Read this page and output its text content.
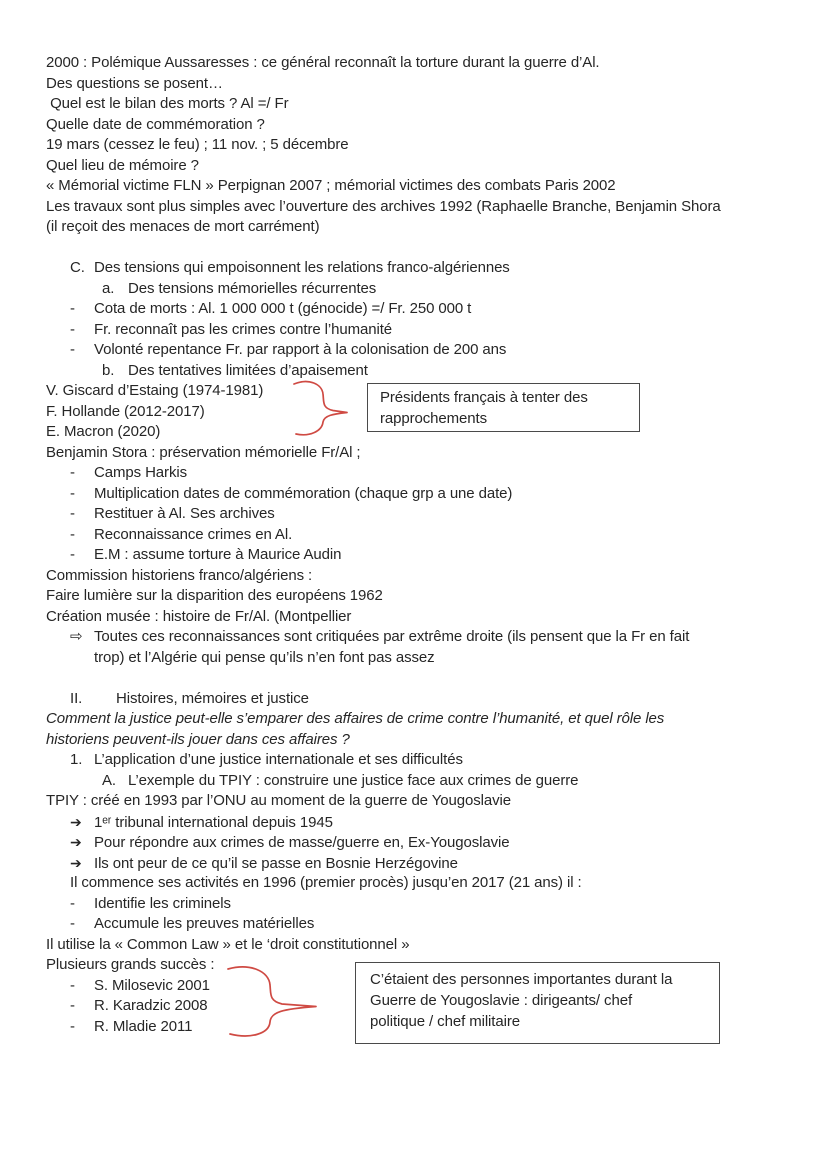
2000 : Polémique Aussaresses : ce général reconnaît la torture durant la guerre d’Al.
Des questions se posent…
Quel est le bilan des morts ? Al =/ Fr
Quelle date de commémoration ?
19 mars (cessez le feu) ; 11 nov. ; 5 décembre
Quel lieu de mémoire ?
« Mémorial victime FLN » Perpignan 2007 ; mémorial victimes des combats Paris 2002
Les travaux sont plus simples avec l’ouverture des archives 1992 (Raphaelle Branche, Benjamin Shora
(il reçoit des menaces de mort carrément)
C. Des tensions qui empoisonnent les relations franco-algériennes
a. Des tensions mémorielles récurrentes
- Cota de morts : Al. 1 000 000 t (génocide) =/ Fr. 250 000 t
- Fr. reconnaît pas les crimes contre l’humanité
- Volonté repentance Fr. par rapport à la colonisation de 200 ans
b. Des tentatives limitées d’apaisement
V. Giscard d’Estaing (1974-1981)
F. Hollande (2012-2017)
E. Macron (2020)
Benjamin Stora : préservation mémorielle Fr/Al ;
- Camps Harkis
- Multiplication dates de commémoration (chaque grp a une date)
- Restituer à Al. Ses archives
- Reconnaissance crimes en Al.
- E.M : assume torture à Maurice Audin
Commission historiens franco/algériens :
Faire lumière sur la disparition des européens 1962
Création musée : histoire de Fr/Al. (Montpellier
⇨ Toutes ces reconnaissances sont critiquées par extrême droite (ils pensent que la Fr en fait
trop) et l’Algérie qui pense qu’ils n’en font pas assez
II. Histoires, mémoires et justice
Comment la justice peut-elle s’emparer des affaires de crime contre l’humanité, et quel rôle les
historiens peuvent-ils jouer dans ces affaires ?
1. L’application d’une justice internationale et ses difficultés
A. L’exemple du TPIY : construire une justice face aux crimes de guerre
TPIY : créé en 1993 par l’ONU au moment de la guerre de Yougoslavie
➔ 1ᵉʳ tribunal international depuis 1945
➔ Pour répondre aux crimes de masse/guerre en, Ex-Yougoslavie
➔ Ils ont peur de ce qu’il se passe en Bosnie Herzégovine
Il commence ses activités en 1996 (premier procès) jusqu’en 2017 (21 ans) il :
- Identifie les criminels
- Accumule les preuves matérielles
Il utilise la « Common Law » et le ‘droit constitutionnel »
Plusieurs grands succès :
- S. Milosevic 2001
- R. Karadzic 2008
- R. Mladie 2011
Présidents français à tenter des
rapprochements
C’étaient des personnes importantes durant la
Guerre de Yougoslavie : dirigeants/ chef
politique / chef militaire
